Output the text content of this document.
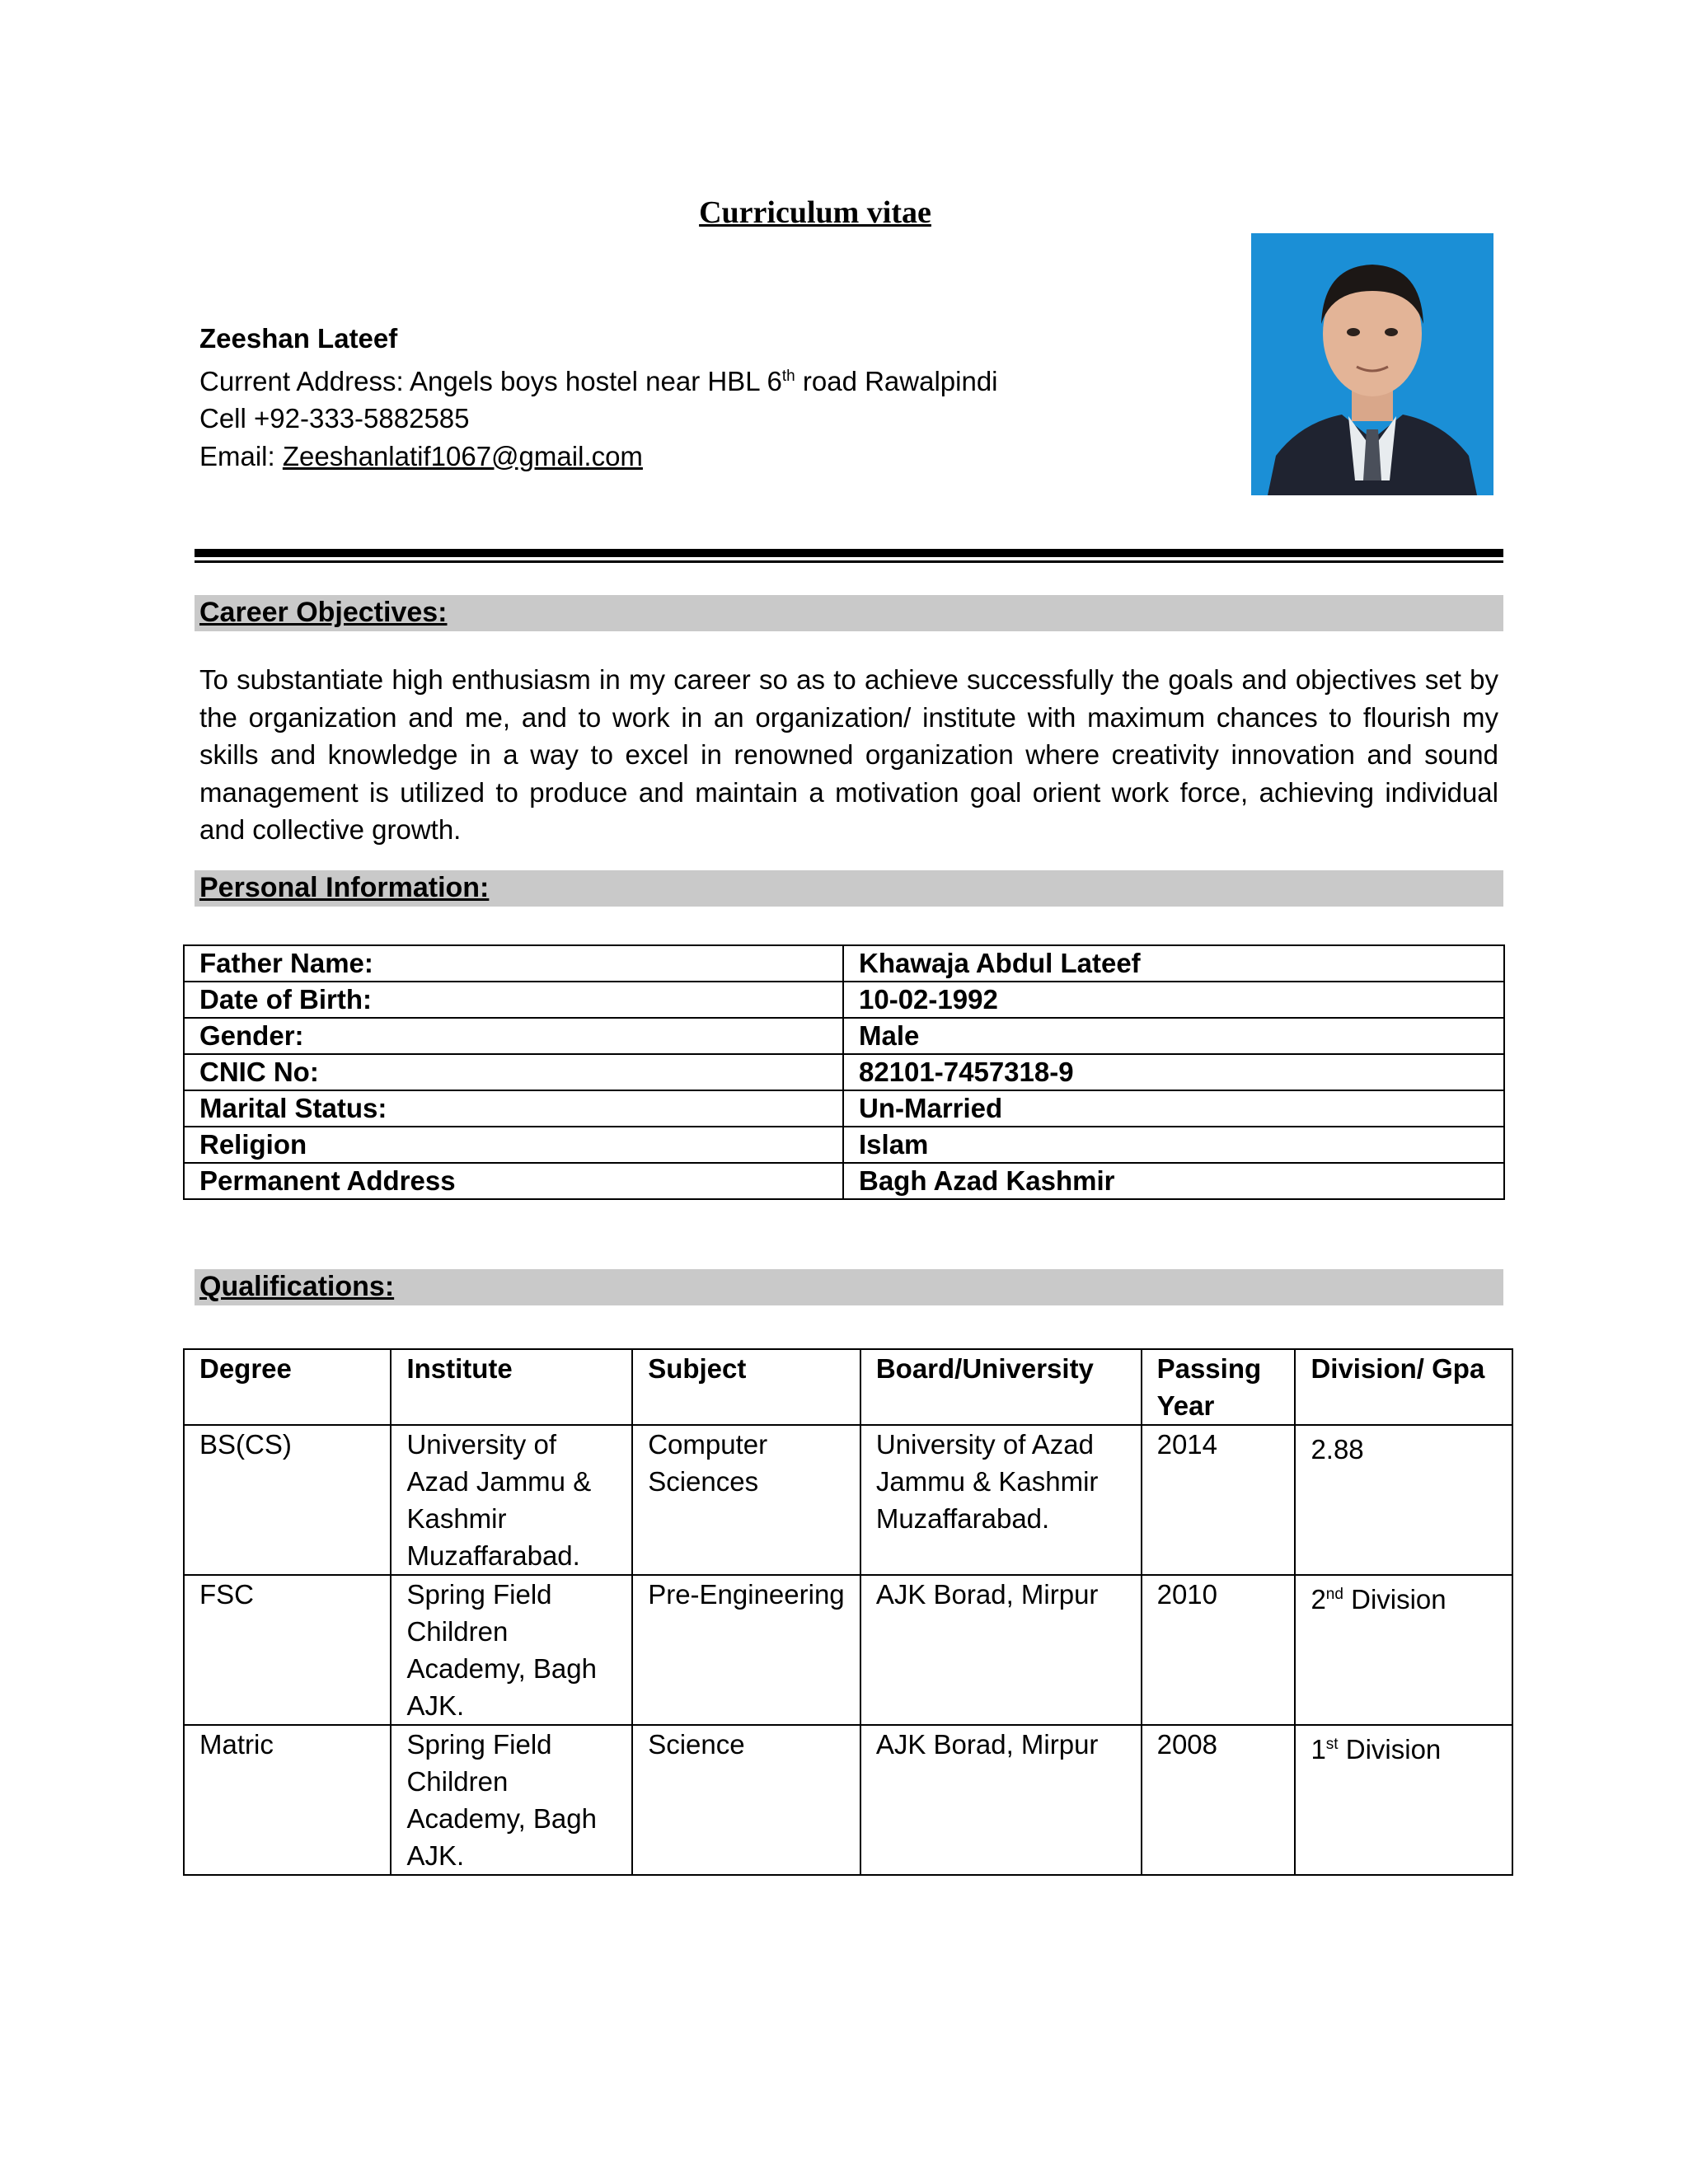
Curriculum vitae
Zeeshan Lateef
Current Address: Angels boys hostel near HBL 6th road Rawalpindi
Cell +92-333-5882585
Email: Zeeshanlatif1067@gmail.com
Career Objectives:
To substantiate high enthusiasm in my career so as to achieve successfully the goals and objectives set by the organization and me, and to work in an organization/ institute with maximum chances to flourish my skills and knowledge in a way to excel in renowned organization where creativity innovation and sound management is utilized to produce and maintain a motivation goal orient work force, achieving individual and collective growth.
Personal Information:
Father Name:	Khawaja Abdul Lateef
Date of Birth:	10-02-1992
Gender:	Male
CNIC No:	82101-7457318-9
Marital Status:	Un-Married
Religion	Islam
Permanent Address	Bagh Azad Kashmir
Qualifications:
Degree	Institute	Subject	Board/University	Passing Year	Division/ Gpa
BS(CS)	University of Azad Jammu & Kashmir Muzaffarabad.	Computer Sciences	University of Azad Jammu & Kashmir Muzaffarabad.	2014	2.88
FSC	Spring Field Children Academy, Bagh AJK.	Pre-Engineering	AJK Borad, Mirpur	2010	2nd Division
Matric	Spring Field Children Academy, Bagh AJK.	Science	AJK Borad, Mirpur	2008	1st Division
